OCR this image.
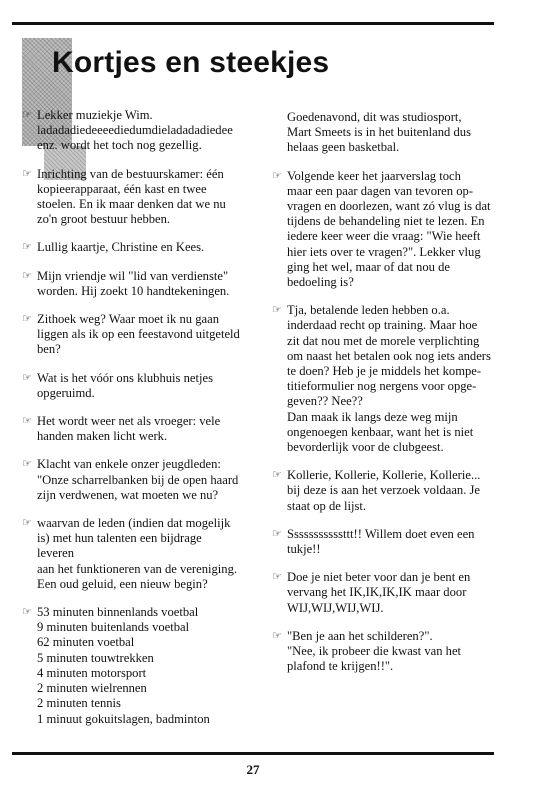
Kortjes en steekjes
☞ Lekker muziekje Wim.
ladadadiedeeeediedumdieladadadiedee
enz. wordt het toch nog gezellig.
☞ Inrichting van de bestuurskamer: één
kopieerapparaat, één kast en twee
stoelen. En ik maar denken dat we nu
zo'n groot bestuur hebben.
☞ Lullig kaartje, Christine en Kees.
☞ Mijn vriendje wil "lid van verdienste"
worden. Hij zoekt 10 handtekeningen.
☞ Zithoek weg? Waar moet ik nu gaan
liggen als ik op een feestavond uitgeteld
ben?
☞ Wat is het vóór ons klubhuis netjes
opgeruimd.
☞ Het wordt weer net als vroeger: vele
handen maken licht werk.
☞ Klacht van enkele onzer jeugdleden:
"Onze scharrelbanken bij de open haard
zijn verdwenen, wat moeten we nu?
☞ waarvan de leden (indien dat mogelijk
is) met hun talenten een bijdrage leveren
aan het funktioneren van de vereniging.
Een oud geluid, een nieuw begin?
☞ 53 minuten binnenlands voetbal
9 minuten buitenlands voetbal
62 minuten voetbal
5 minuten touwtrekken
4 minuten motorsport
2 minuten wielrennen
2 minuten tennis
1 minuut gokuitslagen, badminton
Goedenavond, dit was studiosport,
Mart Smeets is in het buitenland dus
helaas geen basketbal.
☞ Volgende keer het jaarverslag toch
maar een paar dagen van tevoren op-
vragen en doorlezen, want zó vlug is dat
tijdens de behandeling niet te lezen. En
iedere keer weer die vraag: "Wie heeft
hier iets over te vragen?". Lekker vlug
ging het wel, maar of dat nou de
bedoeling is?
☞ Tja, betalende leden hebben o.a.
inderdaad recht op training. Maar hoe
zit dat nou met de morele verplichting
om naast het betalen ook nog iets anders
te doen? Heb je je middels het kompe-
titieformulier nog nergens voor opge-
geven?? Nee??
Dan maak ik langs deze weg mijn
ongenoegen kenbaar, want het is niet
bevorderlijk voor de clubgeest.
☞ Kollerie, Kollerie, Kollerie, Kollerie...
bij deze is aan het verzoek voldaan. Je
staat op de lijst.
☞ Sssssssssssttt!! Willem doet even een
tukje!!
☞ Doe je niet beter voor dan je bent en
vervang het IK,IK,IK,IK maar door
WIJ,WIJ,WIJ,WIJ.
☞ "Ben je aan het schilderen?".
"Nee, ik probeer die kwast van het
plafond te krijgen!!".
27
